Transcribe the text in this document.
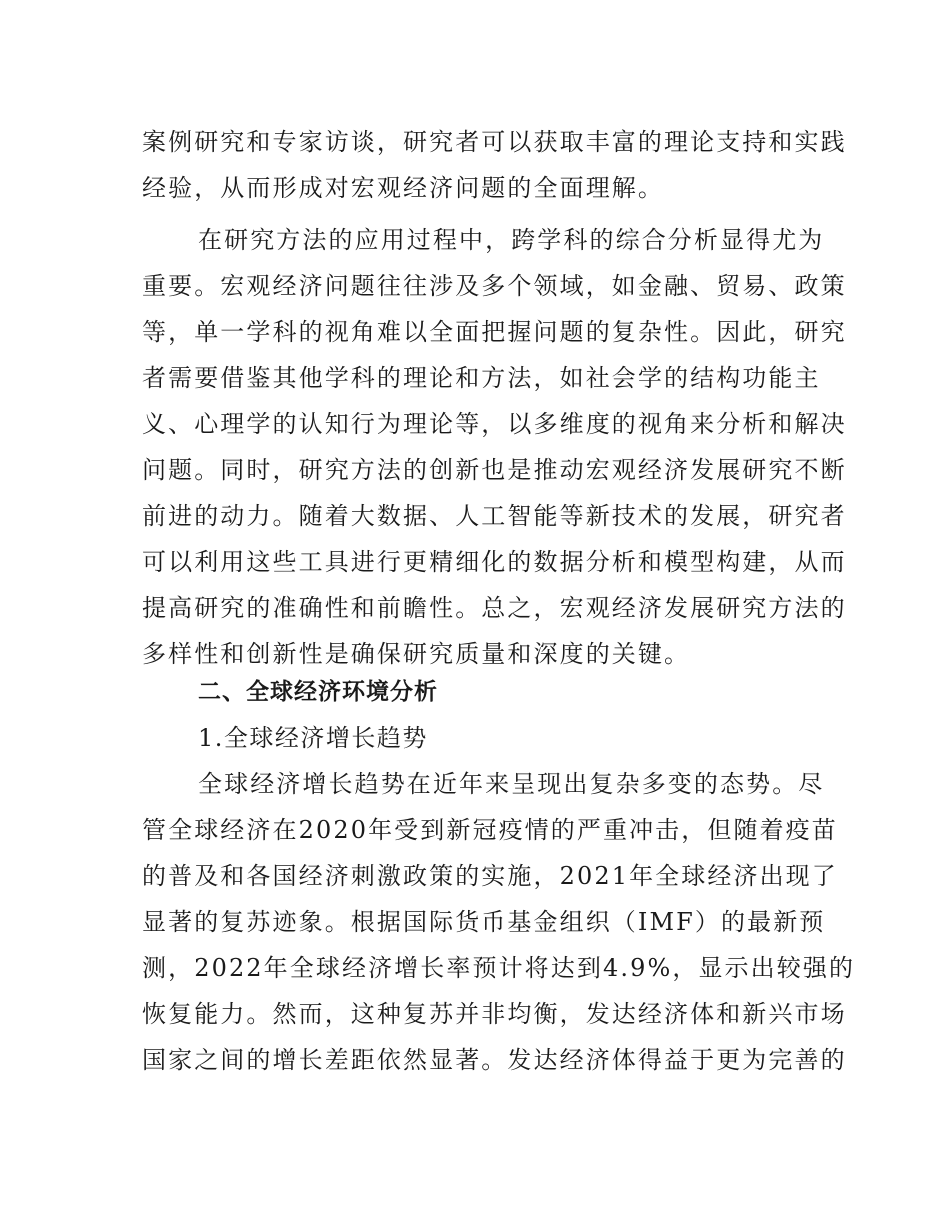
案例研究和专家访谈，研究者可以获取丰富的理论支持和实践
经验，从而形成对宏观经济问题的全面理解。
在研究方法的应用过程中，跨学科的综合分析显得尤为
重要。宏观经济问题往往涉及多个领域，如金融、贸易、政策
等，单一学科的视角难以全面把握问题的复杂性。因此，研究
者需要借鉴其他学科的理论和方法，如社会学的结构功能主
义、心理学的认知行为理论等，以多维度的视角来分析和解决
问题。同时，研究方法的创新也是推动宏观经济发展研究不断
前进的动力。随着大数据、人工智能等新技术的发展，研究者
可以利用这些工具进行更精细化的数据分析和模型构建，从而
提高研究的准确性和前瞻性。总之，宏观经济发展研究方法的
多样性和创新性是确保研究质量和深度的关键。
二、全球经济环境分析
1.全球经济增长趋势
全球经济增长趋势在近年来呈现出复杂多变的态势。尽
管全球经济在2020年受到新冠疫情的严重冲击，但随着疫苗
的普及和各国经济刺激政策的实施，2021年全球经济出现了
显著的复苏迹象。根据国际货币基金组织（IMF）的最新预
测，2022年全球经济增长率预计将达到4.9%，显示出较强的
恢复能力。然而，这种复苏并非均衡，发达经济体和新兴市场
国家之间的增长差距依然显著。发达经济体得益于更为完善的
